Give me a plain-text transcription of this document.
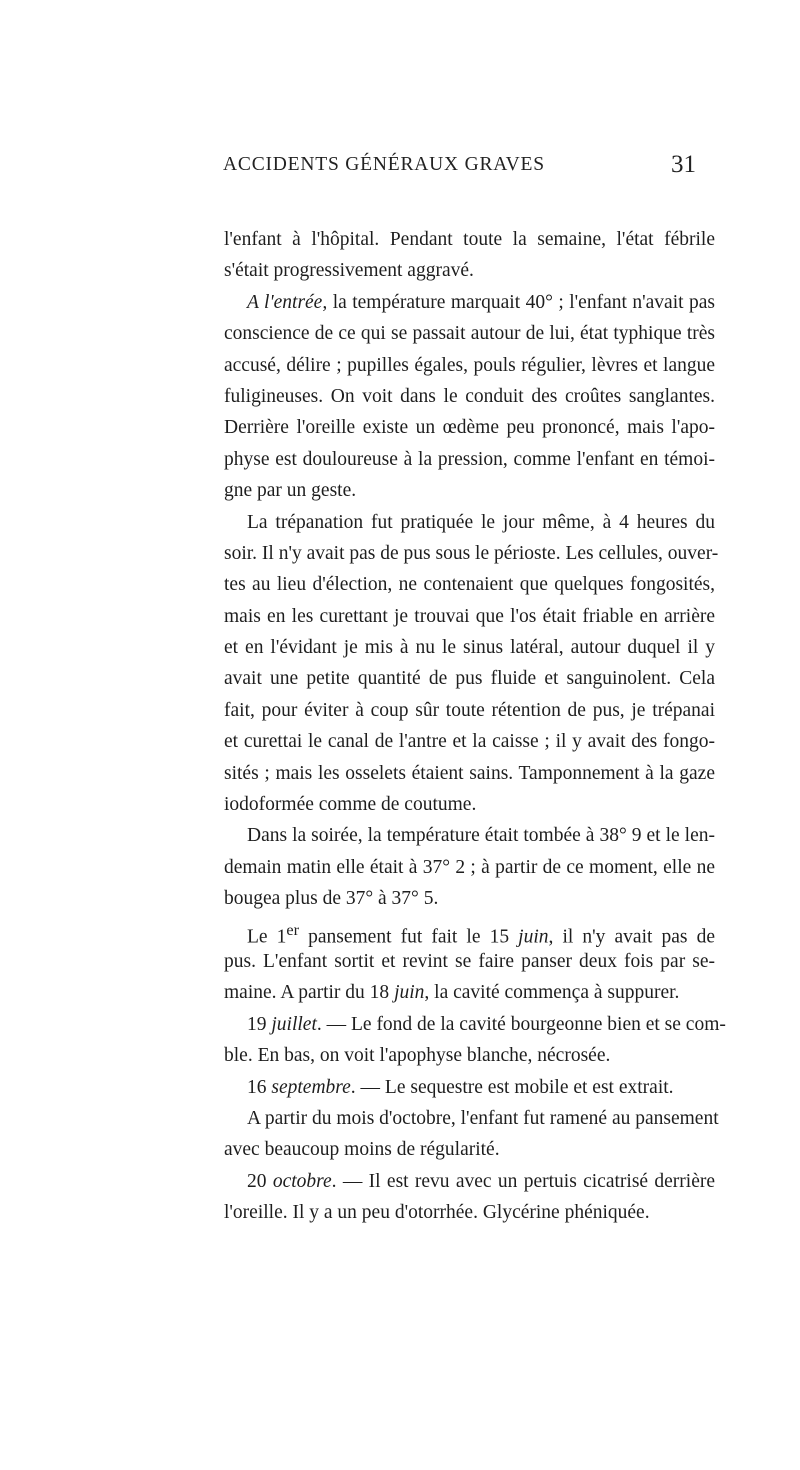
ACCIDENTS GÉNÉRAUX GRAVES	31
l'enfant à l'hôpital. Pendant toute la semaine, l'état fébrile
s'était progressivement aggravé.
A l'entrée, la température marquait 40° ; l'enfant n'avait pas
conscience de ce qui se passait autour de lui, état typhique très
accusé, délire ; pupilles égales, pouls régulier, lèvres et langue
fuligineuses. On voit dans le conduit des croûtes sanglantes.
Derrière l'oreille existe un œdème peu prononcé, mais l'apo-
physe est douloureuse à la pression, comme l'enfant en témoi-
gne par un geste.
La trépanation fut pratiquée le jour même, à 4 heures du
soir. Il n'y avait pas de pus sous le périoste. Les cellules, ouver-
tes au lieu d'élection, ne contenaient que quelques fongosités,
mais en les curettant je trouvai que l'os était friable en arrière
et en l'évidant je mis à nu le sinus latéral, autour duquel il y
avait une petite quantité de pus fluide et sanguinolent. Cela
fait, pour éviter à coup sûr toute rétention de pus, je trépanai
et curettai le canal de l'antre et la caisse ; il y avait des fongo-
sités ; mais les osselets étaient sains. Tamponnement à la gaze
iodoformée comme de coutume.
Dans la soirée, la température était tombée à 38° 9 et le len-
demain matin elle était à 37° 2 ; à partir de ce moment, elle ne
bougea plus de 37° à 37° 5.
Le 1er pansement fut fait le 15 juin, il n'y avait pas de
pus. L'enfant sortit et revint se faire panser deux fois par se-
maine. A partir du 18 juin, la cavité commença à suppurer.
19 juillet. — Le fond de la cavité bourgeonne bien et se com-
ble. En bas, on voit l'apophyse blanche, nécrosée.
16 septembre. — Le sequestre est mobile et est extrait.
A partir du mois d'octobre, l'enfant fut ramené au pansement
avec beaucoup moins de régularité.
20 octobre. — Il est revu avec un pertuis cicatrisé derrière
l'oreille. Il y a un peu d'otorrhée. Glycérine phéniquée.
